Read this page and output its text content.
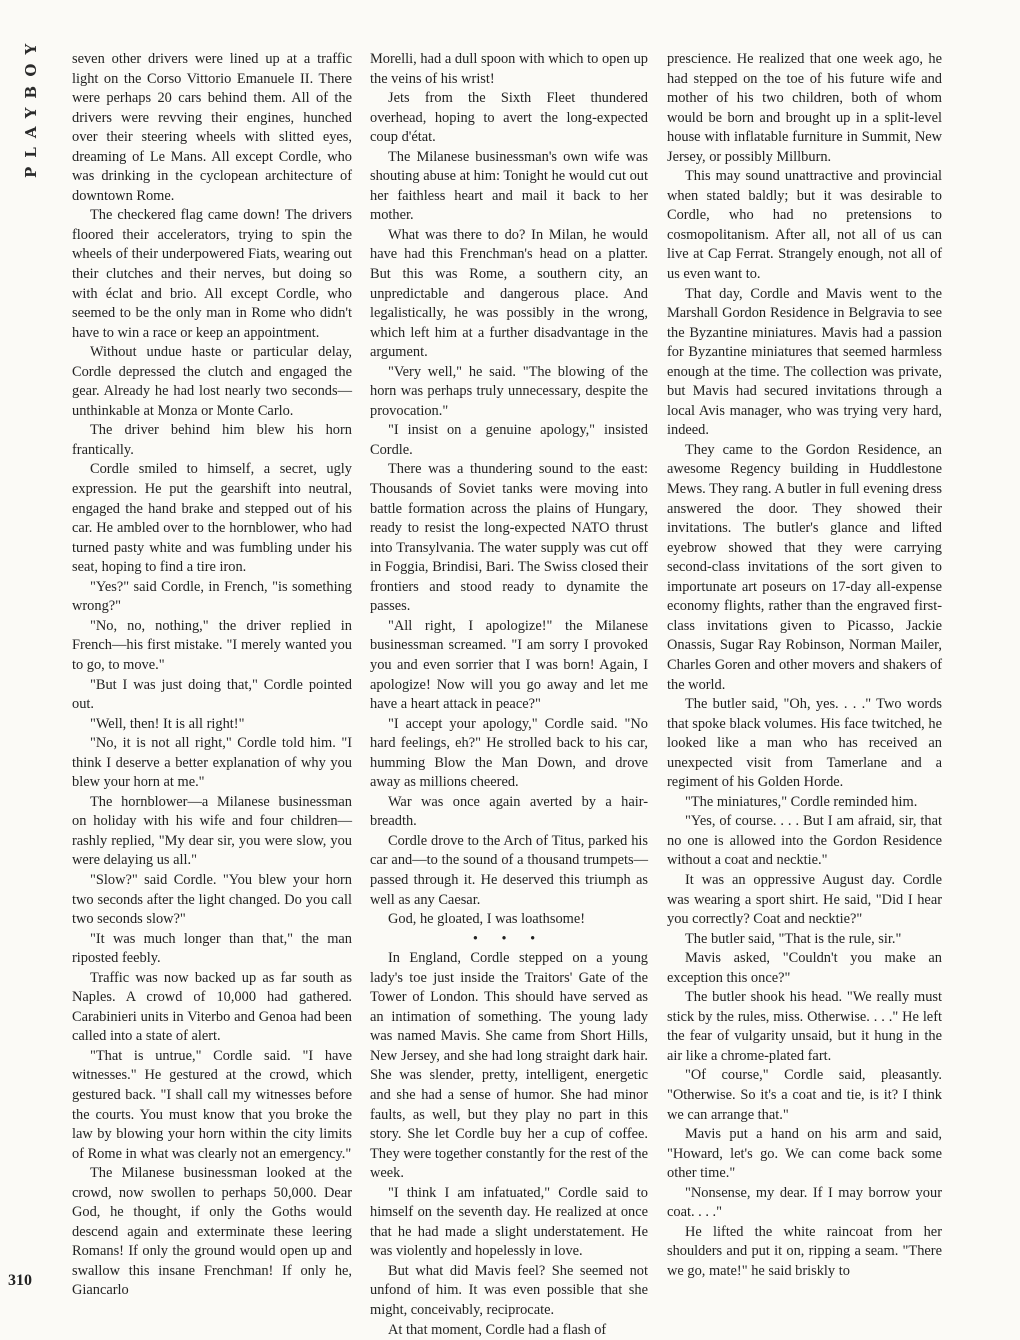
PLAYBOY
310

seven other drivers were lined up at a traffic light on the Corso Vittorio Emanuele II. There were perhaps 20 cars behind them. All of the drivers were revving their engines, hunched over their steering wheels with slitted eyes, dreaming of Le Mans. All except Cordle, who was drinking in the cyclopean architecture of downtown Rome.

The checkered flag came down! The drivers floored their accelerators, trying to spin the wheels of their underpowered Fiats, wearing out their clutches and their nerves, but doing so with éclat and brio. All except Cordle, who seemed to be the only man in Rome who didn't have to win a race or keep an appointment.

Without undue haste or particular delay, Cordle depressed the clutch and engaged the gear. Already he had lost nearly two seconds—unthinkable at Monza or Monte Carlo.

The driver behind him blew his horn frantically.

Cordle smiled to himself, a secret, ugly expression. He put the gearshift into neutral, engaged the hand brake and stepped out of his car. He ambled over to the hornblower, who had turned pasty white and was fumbling under his seat, hoping to find a tire iron.

"Yes?" said Cordle, in French, "is something wrong?"

"No, no, nothing," the driver replied in French—his first mistake. "I merely wanted you to go, to move."

"But I was just doing that," Cordle pointed out.

"Well, then! It is all right!"

"No, it is not all right," Cordle told him. "I think I deserve a better explanation of why you blew your horn at me."

The hornblower—a Milanese businessman on holiday with his wife and four children—rashly replied, "My dear sir, you were slow, you were delaying us all."

"Slow?" said Cordle. "You blew your horn two seconds after the light changed. Do you call two seconds slow?"

"It was much longer than that," the man riposted feebly.

Traffic was now backed up as far south as Naples. A crowd of 10,000 had gathered. Carabinieri units in Viterbo and Genoa had been called into a state of alert.

"That is untrue," Cordle said. "I have witnesses." He gestured at the crowd, which gestured back. "I shall call my witnesses before the courts. You must know that you broke the law by blowing your horn within the city limits of Rome in what was clearly not an emergency."

The Milanese businessman looked at the crowd, now swollen to perhaps 50,000. Dear God, he thought, if only the Goths would descend again and exterminate these leering Romans! If only the ground would open up and swallow this insane Frenchman! If only he, Giancarlo

Morelli, had a dull spoon with which to open up the veins of his wrist!

Jets from the Sixth Fleet thundered overhead, hoping to avert the long-expected coup d'état.

The Milanese businessman's own wife was shouting abuse at him: Tonight he would cut out her faithless heart and mail it back to her mother.

What was there to do? In Milan, he would have had this Frenchman's head on a platter. But this was Rome, a southern city, an unpredictable and dangerous place. And legalistically, he was possibly in the wrong, which left him at a further disadvantage in the argument.

"Very well," he said. "The blowing of the horn was perhaps truly unnecessary, despite the provocation."

"I insist on a genuine apology," insisted Cordle.

There was a thundering sound to the east: Thousands of Soviet tanks were moving into battle formation across the plains of Hungary, ready to resist the long-expected NATO thrust into Transylvania. The water supply was cut off in Foggia, Brindisi, Bari. The Swiss closed their frontiers and stood ready to dynamite the passes.

"All right, I apologize!" the Milanese businessman screamed. "I am sorry I provoked you and even sorrier that I was born! Again, I apologize! Now will you go away and let me have a heart attack in peace?"

"I accept your apology," Cordle said. "No hard feelings, eh?" He strolled back to his car, humming Blow the Man Down, and drove away as millions cheered.

War was once again averted by a hair-breadth.

Cordle drove to the Arch of Titus, parked his car and—to the sound of a thousand trumpets—passed through it. He deserved this triumph as well as any Caesar.

God, he gloated, I was loathsome!

• • •

In England, Cordle stepped on a young lady's toe just inside the Traitors' Gate of the Tower of London. This should have served as an intimation of something. The young lady was named Mavis. She came from Short Hills, New Jersey, and she had long straight dark hair. She was slender, pretty, intelligent, energetic and she had a sense of humor. She had minor faults, as well, but they play no part in this story. She let Cordle buy her a cup of coffee. They were together constantly for the rest of the week.

"I think I am infatuated," Cordle said to himself on the seventh day. He realized at once that he had made a slight understatement. He was violently and hopelessly in love.

But what did Mavis feel? She seemed not unfond of him. It was even possible that she might, conceivably, reciprocate.

At that moment, Cordle had a flash of

prescience. He realized that one week ago, he had stepped on the toe of his future wife and mother of his two children, both of whom would be born and brought up in a split-level house with inflatable furniture in Summit, New Jersey, or possibly Millburn.

This may sound unattractive and provincial when stated baldly; but it was desirable to Cordle, who had no pretensions to cosmopolitanism. After all, not all of us can live at Cap Ferrat. Strangely enough, not all of us even want to.

That day, Cordle and Mavis went to the Marshall Gordon Residence in Belgravia to see the Byzantine miniatures. Mavis had a passion for Byzantine miniatures that seemed harmless enough at the time. The collection was private, but Mavis had secured invitations through a local Avis manager, who was trying very hard, indeed.

They came to the Gordon Residence, an awesome Regency building in Huddlestone Mews. They rang. A butler in full evening dress answered the door. They showed their invitations. The butler's glance and lifted eyebrow showed that they were carrying second-class invitations of the sort given to importunate art poseurs on 17-day all-expense economy flights, rather than the engraved first-class invitations given to Picasso, Jackie Onassis, Sugar Ray Robinson, Norman Mailer, Charles Goren and other movers and shakers of the world.

The butler said, "Oh, yes. . . ." Two words that spoke black volumes. His face twitched, he looked like a man who has received an unexpected visit from Tamerlane and a regiment of his Golden Horde.

"The miniatures," Cordle reminded him.

"Yes, of course. . . . But I am afraid, sir, that no one is allowed into the Gordon Residence without a coat and necktie."

It was an oppressive August day. Cordle was wearing a sport shirt. He said, "Did I hear you correctly? Coat and necktie?"

The butler said, "That is the rule, sir."

Mavis asked, "Couldn't you make an exception this once?"

The butler shook his head. "We really must stick by the rules, miss. Otherwise. . . ." He left the fear of vulgarity unsaid, but it hung in the air like a chrome-plated fart.

"Of course," Cordle said, pleasantly. "Otherwise. So it's a coat and tie, is it? I think we can arrange that."

Mavis put a hand on his arm and said, "Howard, let's go. We can come back some other time."

"Nonsense, my dear. If I may borrow your coat. . . ."

He lifted the white raincoat from her shoulders and put it on, ripping a seam. "There we go, mate!" he said briskly to
